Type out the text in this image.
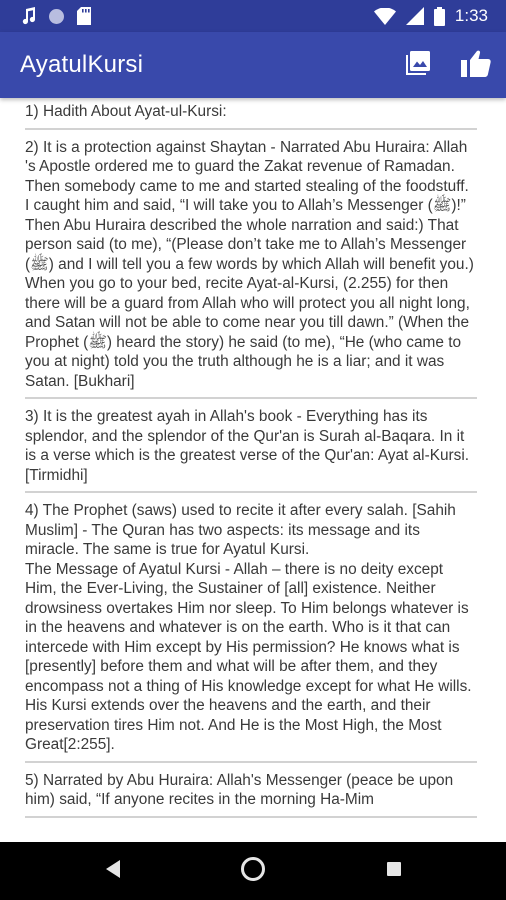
1:33
AyatulKursi
1) Hadith About Ayat-ul-Kursi:
2) It is a protection against Shaytan - Narrated Abu Huraira: Allah 's Apostle ordered me to guard the Zakat revenue of Ramadan. Then somebody came to me and started stealing of the foodstuff. I caught him and said, “I will take you to Allah’s Messenger (ﷺ)!” Then Abu Huraira described the whole narration and said:) That person said (to me), “(Please don’t take me to Allah’s Messenger (ﷺ) and I will tell you a few words by which Allah will benefit you.) When you go to your bed, recite Ayat-al-Kursi, (2.255) for then there will be a guard from Allah who will protect you all night long, and Satan will not be able to come near you till dawn.” (When the Prophet (ﷺ) heard the story) he said (to me), “He (who came to you at night) told you the truth although he is a liar; and it was Satan. [Bukhari]
3) It is the greatest ayah in Allah's book - Everything has its splendor, and the splendor of the Qur'an is Surah al-Baqara. In it is a verse which is the greatest verse of the Qur'an: Ayat al-Kursi. [Tirmidhi]
4) The Prophet (saws) used to recite it after every salah. [Sahih Muslim] - The Quran has two aspects: its message and its miracle. The same is true for Ayatul Kursi.
The Message of Ayatul Kursi - Allah – there is no deity except Him, the Ever-Living, the Sustainer of [all] existence. Neither drowsiness overtakes Him nor sleep. To Him belongs whatever is in the heavens and whatever is on the earth. Who is it that can intercede with Him except by His permission? He knows what is [presently] before them and what will be after them, and they encompass not a thing of His knowledge except for what He wills. His Kursi extends over the heavens and the earth, and their preservation tires Him not. And He is the Most High, the Most Great[2:255].
5) Narrated by Abu Huraira: Allah's Messenger (peace be upon him) said, “If anyone recites in the morning Ha-Mim
